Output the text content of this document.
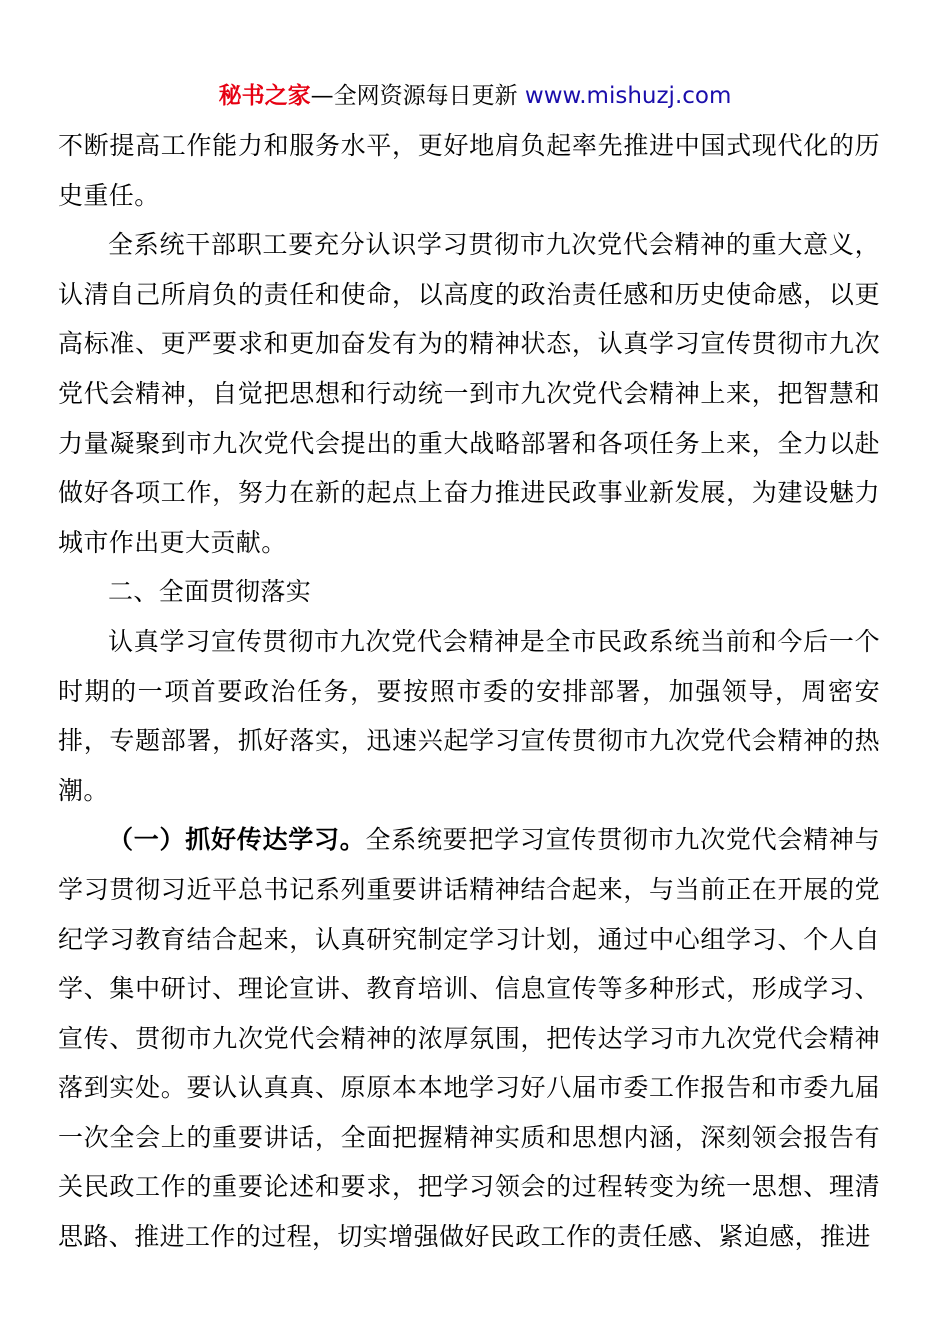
秘书之家—全网资源每日更新 www.mishuzj.com

不断提高工作能力和服务水平，更好地肩负起率先推进中国式现代化的历史重任。

全系统干部职工要充分认识学习贯彻市九次党代会精神的重大意义，认清自己所肩负的责任和使命，以高度的政治责任感和历史使命感，以更高标准、更严要求和更加奋发有为的精神状态，认真学习宣传贯彻市九次党代会精神，自觉把思想和行动统一到市九次党代会精神上来，把智慧和力量凝聚到市九次党代会提出的重大战略部署和各项任务上来，全力以赴做好各项工作，努力在新的起点上奋力推进民政事业新发展，为建设魅力城市作出更大贡献。

二、全面贯彻落实

认真学习宣传贯彻市九次党代会精神是全市民政系统当前和今后一个时期的一项首要政治任务，要按照市委的安排部署，加强领导，周密安排，专题部署，抓好落实，迅速兴起学习宣传贯彻市九次党代会精神的热潮。

（一）抓好传达学习。全系统要把学习宣传贯彻市九次党代会精神与学习贯彻习近平总书记系列重要讲话精神结合起来，与当前正在开展的党纪学习教育结合起来，认真研究制定学习计划，通过中心组学习、个人自学、集中研讨、理论宣讲、教育培训、信息宣传等多种形式，形成学习、宣传、贯彻市九次党代会精神的浓厚氛围，把传达学习市九次党代会精神落到实处。要认认真真、原原本本地学习好八届市委工作报告和市委九届一次全会上的重要讲话，全面把握精神实质和思想内涵，深刻领会报告有关民政工作的重要论述和要求，把学习领会的过程转变为统一思想、理清思路、推进工作的过程，切实增强做好民政工作的责任感、紧迫感，推进
